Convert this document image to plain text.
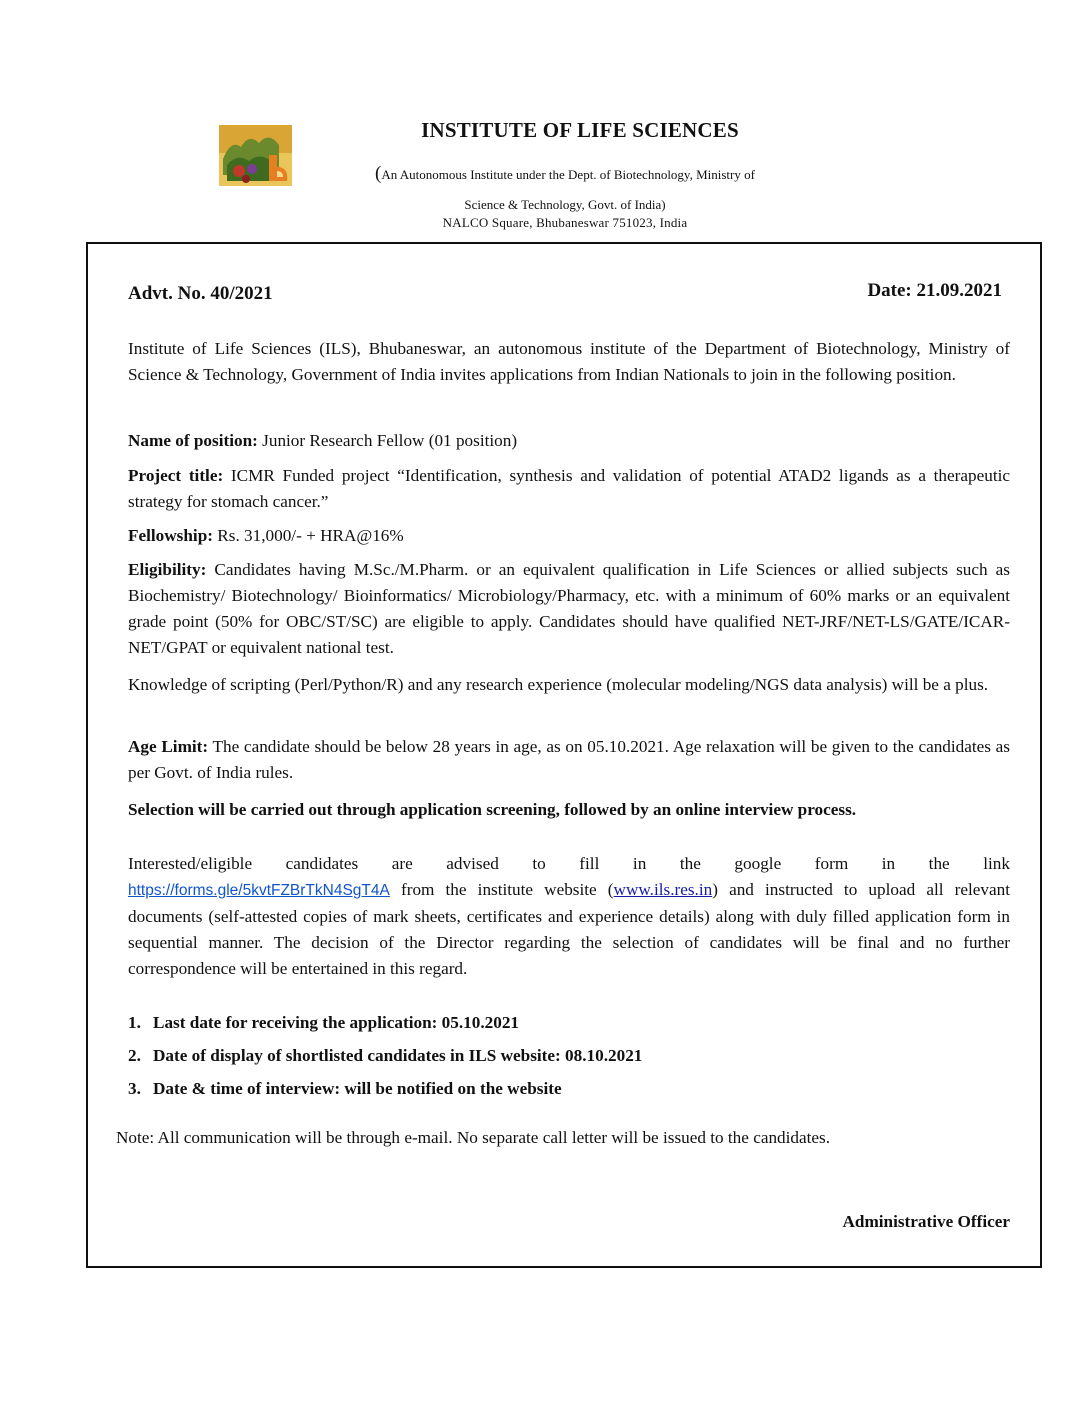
INSTITUTE OF LIFE SCIENCES
(An Autonomous Institute under the Dept. of Biotechnology, Ministry of
Science & Technology, Govt. of India)
NALCO Square, Bhubaneswar 751023, India
Advt. No. 40/2021	Date: 21.09.2021
Institute of Life Sciences (ILS), Bhubaneswar, an autonomous institute of the Department of Biotechnology, Ministry of Science & Technology, Government of India invites applications from Indian Nationals to join in the following position.
Name of position: Junior Research Fellow (01 position)
Project title: ICMR Funded project “Identification, synthesis and validation of potential ATAD2 ligands as a therapeutic strategy for stomach cancer.”
Fellowship: Rs. 31,000/- + HRA@16%
Eligibility: Candidates having M.Sc./M.Pharm. or an equivalent qualification in Life Sciences or allied subjects such as Biochemistry/ Biotechnology/ Bioinformatics/ Microbiology/Pharmacy, etc. with a minimum of 60% marks or an equivalent grade point (50% for OBC/ST/SC) are eligible to apply. Candidates should have qualified NET-JRF/NET-LS/GATE/ICAR-NET/GPAT or equivalent national test.
Knowledge of scripting (Perl/Python/R) and any research experience (molecular modeling/NGS data analysis) will be a plus.
Age Limit: The candidate should be below 28 years in age, as on 05.10.2021. Age relaxation will be given to the candidates as per Govt. of India rules.
Selection will be carried out through application screening, followed by an online interview process.
Interested/eligible candidates are advised to fill in the google form in the link
https://forms.gle/5kvtFZBrTkN4SgT4A from the institute website (www.ils.res.in) and instructed to upload all relevant documents (self-attested copies of mark sheets, certificates and experience details) along with duly filled application form in sequential manner. The decision of the Director regarding the selection of candidates will be final and no further correspondence will be entertained in this regard.
1. Last date for receiving the application: 05.10.2021
2. Date of display of shortlisted candidates in ILS website: 08.10.2021
3. Date & time of interview: will be notified on the website
Note: All communication will be through e-mail. No separate call letter will be issued to the candidates.
Administrative Officer
